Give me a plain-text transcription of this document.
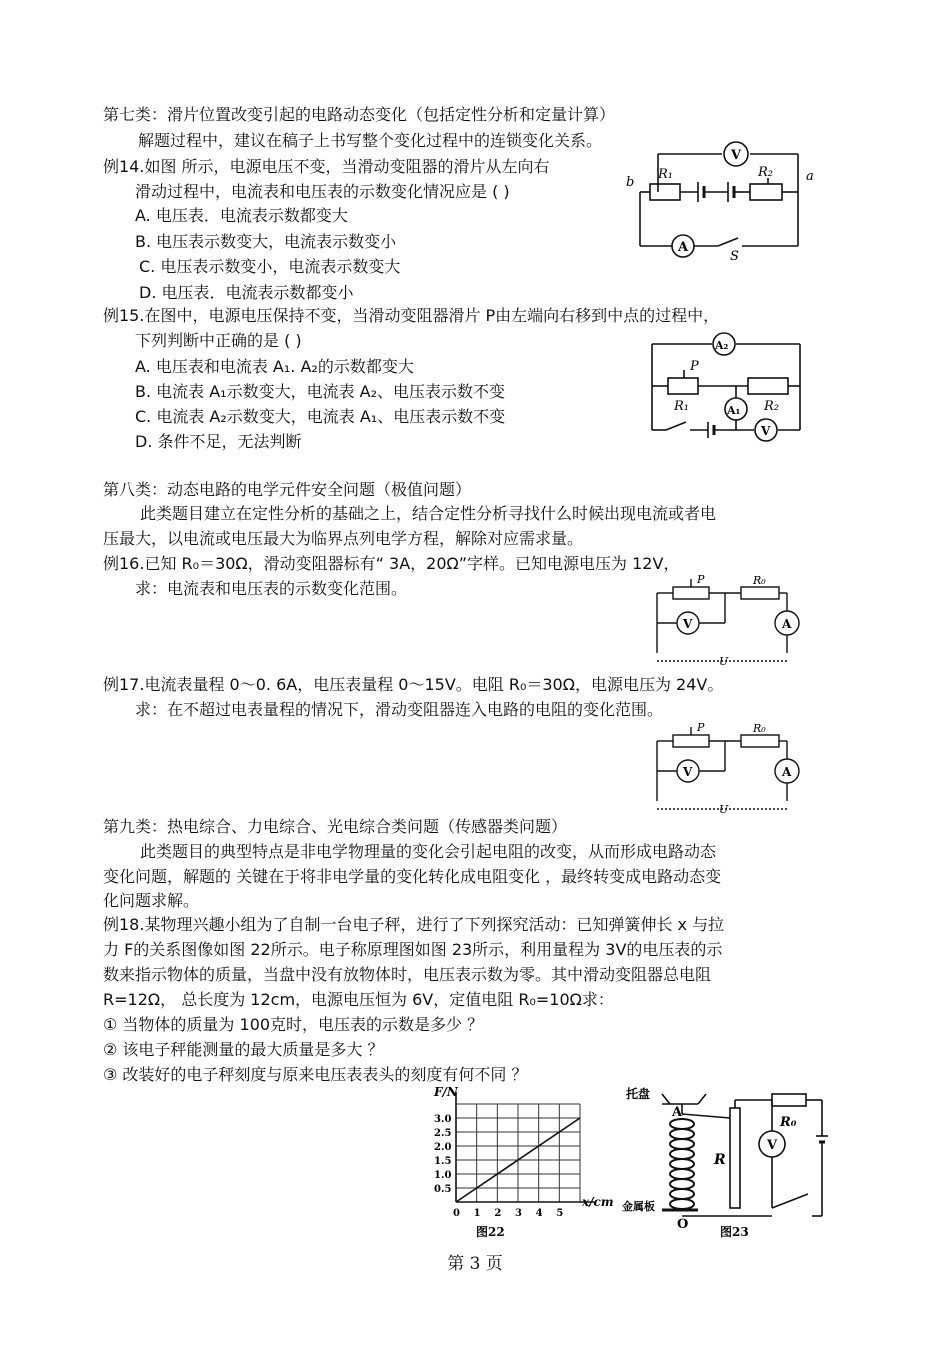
第七类：滑片位置改变引起的电路动态变化（包括定性分析和定量计算）
解题过程中，建议在稿子上书写整个变化过程中的连锁变化关系。
例14.如图 所示，电源电压不变，当滑动变阻器的滑片从左向右
滑动过程中，电流表和电压表的示数变化情况应是 ( )
A. 电压表．电流表示数都变大
B. 电压表示数变大，电流表示数变小
C. 电压表示数变小，电流表示数变大
D. 电压表．电流表示数都变小
例15.在图中，电源电压保持不变，当滑动变阻器滑片 P由左端向右移到中点的过程中，
下列判断中正确的是 ( )
A. 电压表和电流表 A₁. A₂的示数都变大
B. 电流表 A₁示数变大，电流表 A₂、电压表示数不变
C. 电流表 A₂示数变大，电流表 A₁、电压表示数不变
D. 条件不足，无法判断
第八类：动态电路的电学元件安全问题（极值问题）
此类题目建立在定性分析的基础之上，结合定性分析寻找什么时候出现电流或者电
压最大，以电流或电压最大为临界点列电学方程，解除对应需求量。
例16.已知 R₀＝30Ω，滑动变阻器标有“ 3A，20Ω”字样。已知电源电压为 12V，
求：电流表和电压表的示数变化范围。
例17.电流表量程 0～0. 6A，电压表量程 0～15V。电阻 R₀＝30Ω，电源电压为 24V。
求：在不超过电表量程的情况下，滑动变阻器连入电路的电阻的变化范围。
第九类：热电综合、力电综合、光电综合类问题（传感器类问题）
此类题目的典型特点是非电学物理量的变化会引起电阻的改变，从而形成电路动态
变化问题，解题的 关键在于将非电学量的变化转化成电阻变化 ，最终转变成电路动态变
化问题求解。
例18.某物理兴趣小组为了自制一台电子秤，进行了下列探究活动：已知弹簧伸长 x 与拉
力 F的关系图像如图 22所示。电子称原理图如图 23所示，利用量程为 3V的电压表的示
数来指示物体的质量，当盘中没有放物体时，电压表示数为零。其中滑动变阻器总电阻
R=12Ω， 总长度为 12cm，电源电压恒为 6V，定值电阻 R₀=10Ω求：
① 当物体的质量为 100克时，电压表的示数是多少 ？
② 该电子秤能测量的最大质量是多大 ？
③ 改装好的电子秤刻度与原来电压表表头的刻度有何不同 ？
V
A
R₁	R₂	a
b
S
A₂
A₁
V
P
R₁	R₂
V	A
P	R₀
U
V	A
P	R₀
U
F/N
x/cm
图22
0 1 2 3 4 5
0.5
1.0
1.5
2.0
2.5
3.0
V
托盘
A
R
R₀
金属板
O	图23
第 3 页
